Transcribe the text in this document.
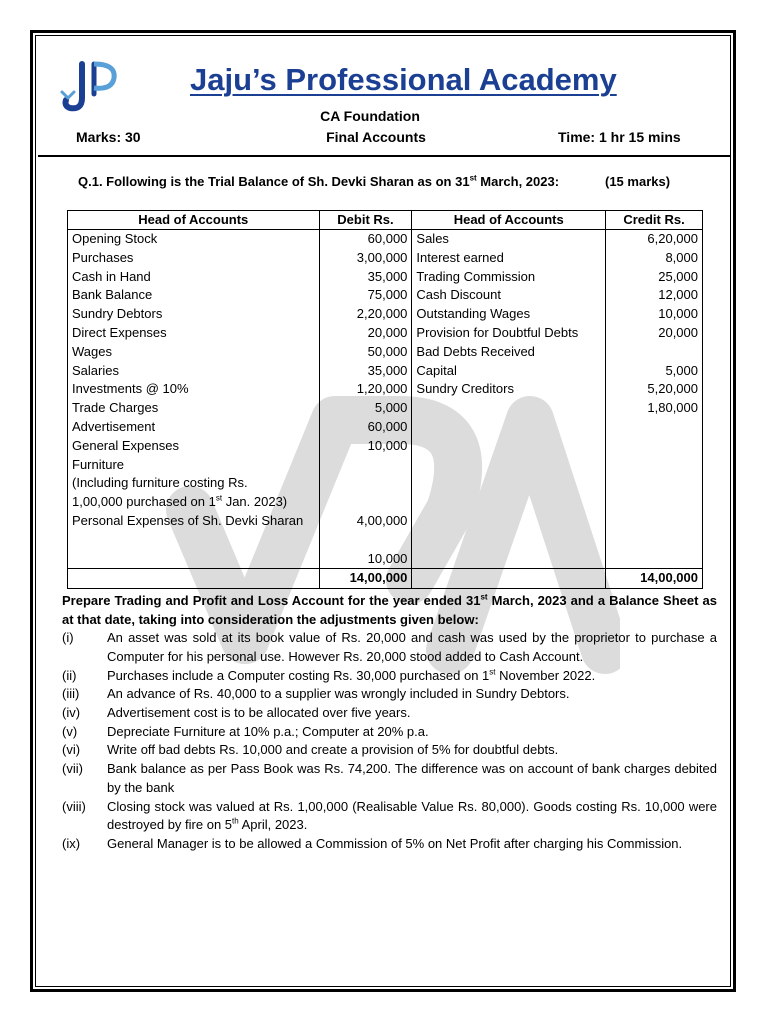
Jaju’s Professional Academy
CA Foundation
Marks: 30	Final Accounts	Time: 1 hr 15 mins
Q.1. Following is the Trial Balance of Sh. Devki Sharan as on 31st March, 2023:	(15 marks)
Head of Accounts	Debit Rs.	Head of Accounts	Credit Rs.
Opening Stock	60,000	Sales	6,20,000
Purchases	3,00,000	Interest earned	8,000
Cash in Hand	35,000	Trading Commission	25,000
Bank Balance	75,000	Cash Discount	12,000
Sundry Debtors	2,20,000	Outstanding Wages	10,000
Direct Expenses	20,000	Provision for Doubtful Debts	20,000
Wages	50,000	Bad Debts Received	
Salaries	35,000	Capital	5,000
Investments @ 10%	1,20,000	Sundry Creditors	5,20,000
Trade Charges	5,000		1,80,000
Advertisement	60,000		
General Expenses	10,000		
Furniture			
(Including furniture costing Rs.			
1,00,000 purchased on 1st Jan. 2023)			
Personal Expenses of Sh. Devki Sharan	4,00,000		

	10,000		
	14,00,000		14,00,000
Prepare Trading and Profit and Loss Account for the year ended 31st March, 2023 and a Balance Sheet as at that date, taking into consideration the adjustments given below:
(i)	An asset was sold at its book value of Rs. 20,000 and cash was used by the proprietor to purchase a Computer for his personal use. However Rs. 20,000 stood added to Cash Account.
(ii)	Purchases include a Computer costing Rs. 30,000 purchased on 1st November 2022.
(iii)	An advance of Rs. 40,000 to a supplier was wrongly included in Sundry Debtors.
(iv)	Advertisement cost is to be allocated over five years.
(v)	Depreciate Furniture at 10% p.a.; Computer at 20% p.a.
(vi)	Write off bad debts Rs. 10,000 and create a provision of 5% for doubtful debts.
(vii)	Bank balance as per Pass Book was Rs. 74,200. The difference was on account of bank charges debited by the bank
(viii)	Closing stock was valued at Rs. 1,00,000 (Realisable Value Rs. 80,000). Goods costing Rs. 10,000 were destroyed by fire on 5th April, 2023.
(ix)	General Manager is to be allowed a Commission of 5% on Net Profit after charging his Commission.
